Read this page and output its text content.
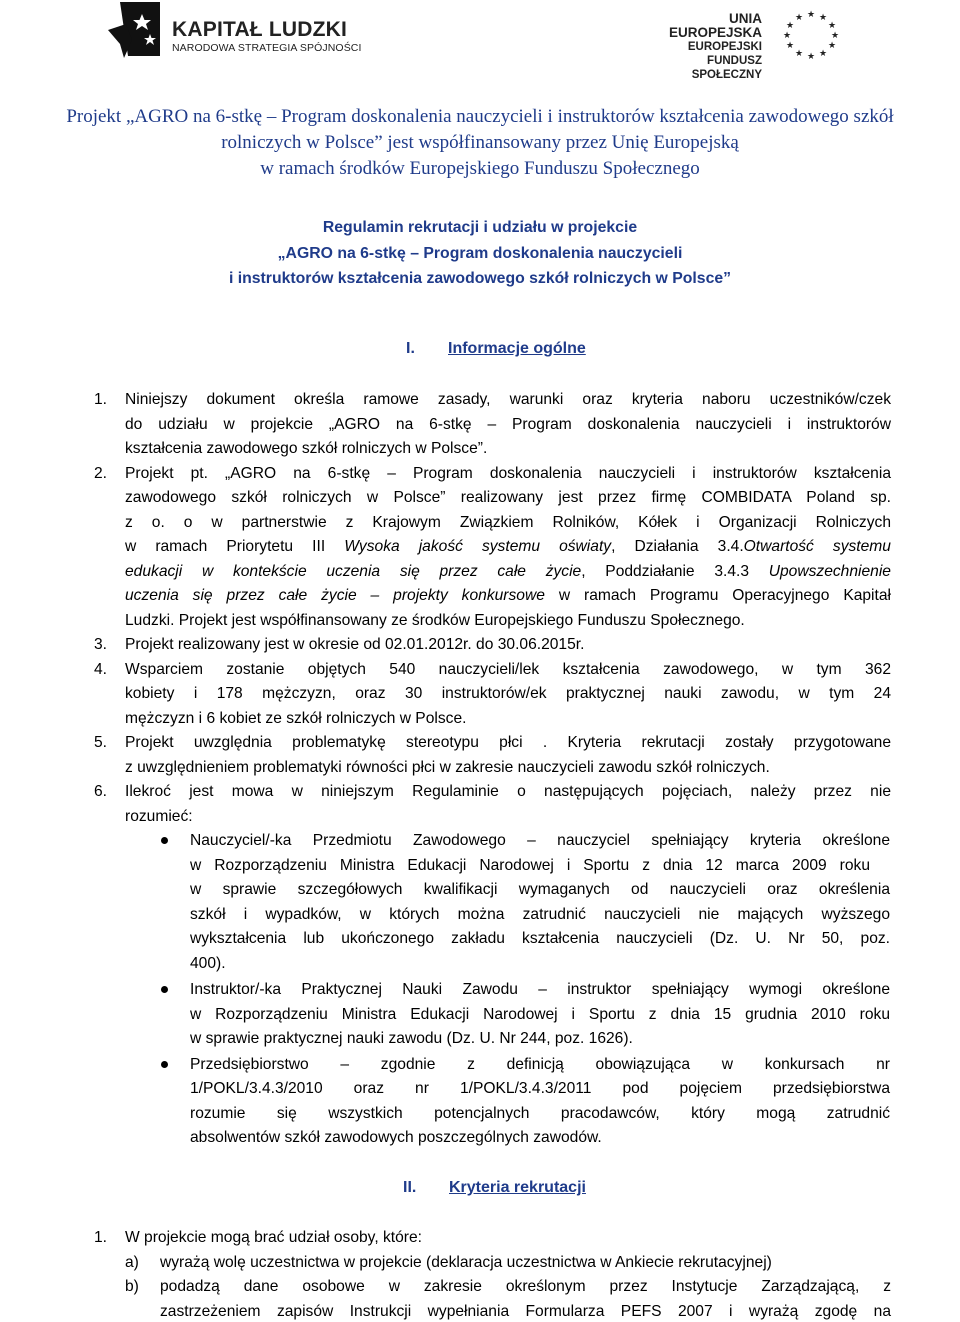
KAPITAŁ LUDZKI
NARODOWA STRATEGIA SPÓJNOŚCI
UNIA EUROPEJSKA
EUROPEJSKI
FUNDUSZ SPOŁECZNY
★ ★
★
★
★
★
★
★
★
★
★
★
Projekt „AGRO na 6-stkę – Program doskonalenia nauczycieli i instruktorów kształcenia zawodowego szkół
rolniczych w Polsce” jest współfinansowany przez Unię Europejską
w ramach środków Europejskiego Funduszu Społecznego
Regulamin rekrutacji i udziału w projekcie
„AGRO na 6-stkę – Program doskonalenia nauczycieli
i instruktorów kształcenia zawodowego szkół rolniczych w Polsce”
I. Informacje ogólne
1. Niniejszy dokument określa ramowe zasady, warunki oraz kryteria naboru uczestników/czek
do udziału w projekcie „AGRO na 6-stkę – Program doskonalenia nauczycieli i instruktorów
kształcenia zawodowego szkół rolniczych w Polsce”.
2. Projekt pt. „AGRO na 6-stkę – Program doskonalenia nauczycieli i instruktorów kształcenia
zawodowego szkół rolniczych w Polsce” realizowany jest przez firmę COMBIDATA Poland sp.
z o. o w partnerstwie z Krajowym Związkiem Rolników, Kółek i Organizacji Rolniczych
w ramach Priorytetu III Wysoka jakość systemu oświaty, Działania 3.4.Otwartość systemu
edukacji w kontekście uczenia się przez całe życie, Poddziałanie 3.4.3 Upowszechnienie
uczenia się przez całe życie – projekty konkursowe w ramach Programu Operacyjnego Kapitał
Ludzki. Projekt jest współfinansowany ze środków Europejskiego Funduszu Społecznego.
3. Projekt realizowany jest w okresie od 02.01.2012r. do 30.06.2015r.
4. Wsparciem zostanie objętych 540 nauczycieli/lek kształcenia zawodowego, w tym 362
kobiety i 178 mężczyzn, oraz 30 instruktorów/ek praktycznej nauki zawodu, w tym 24
mężczyzn i 6 kobiet ze szkół rolniczych w Polsce.
5. Projekt uwzględnia problematykę stereotypu płci . Kryteria rekrutacji zostały przygotowane
z uwzględnieniem problematyki równości płci w zakresie nauczycieli zawodu szkół rolniczych.
6. Ilekroć jest mowa w niniejszym Regulaminie o następujących pojęciach, należy przez nie
rozumieć:
Nauczyciel/-ka Przedmiotu Zawodowego – nauczyciel spełniający kryteria określone
w Rozporządzeniu Ministra Edukacji Narodowej i Sportu z dnia 12 marca 2009 roku
w sprawie szczegółowych kwalifikacji wymaganych od nauczycieli oraz określenia
szkół i wypadków, w których można zatrudnić nauczycieli nie mających wyższego
wykształcenia lub ukończonego zakładu kształcenia nauczycieli (Dz. U. Nr 50, poz.
400).
Instruktor/-ka Praktycznej Nauki Zawodu – instruktor spełniający wymogi określone
w Rozporządzeniu Ministra Edukacji Narodowej i Sportu z dnia 15 grudnia 2010 roku
w sprawie praktycznej nauki zawodu (Dz. U. Nr 244, poz. 1626).
Przedsiębiorstwo – zgodnie z definicją obowiązująca w konkursach nr
1/POKL/3.4.3/2010 oraz nr 1/POKL/3.4.3/2011 pod pojęciem przedsiębiorstwa
rozumie się wszystkich potencjalnych pracodawców, który mogą zatrudnić
absolwentów szkół zawodowych poszczególnych zawodów.
II. Kryteria rekrutacji
1. W projekcie mogą brać udział osoby, które:
a) wyrażą wolę uczestnictwa w projekcie (deklaracja uczestnictwa w Ankiecie rekrutacyjnej)
b) podadzą dane osobowe w zakresie określonym przez Instytucje Zarządzającą, z
zastrzeżeniem zapisów Instrukcji wypełniania Formularza PEFS 2007 i wyrażą zgodę na
